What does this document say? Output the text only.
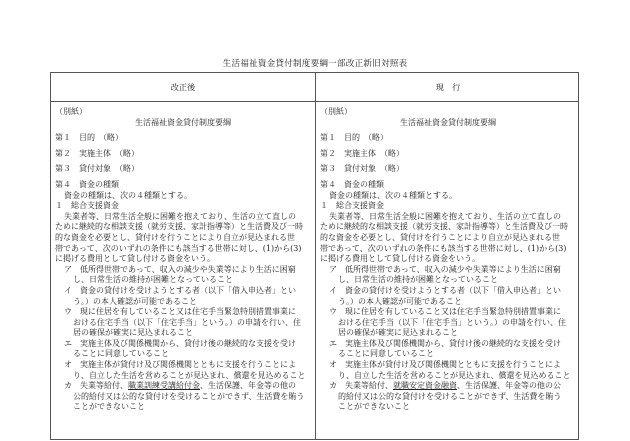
生活福祉資金貸付制度要綱一部改正新旧対照表
改正後	現　行
（別紙）
生活福祉資金貸付制度要綱
第１　目的　（略）
第２　実施主体　（略）
第３　貸付対象　（略）
第４　資金の種類
資金の種類は、次の４種類とする。
１　総合支援資金
失業者等、日常生活全般に困難を抱えており、生活の立て直しの
ために継続的な相談支援（就労支援、家計指導等）と生活費及び一時
的な資金を必要とし、貸付けを行うことにより自立が見込まれる世
帯であって、次のいずれの条件にも該当する世帯に対し、(1)から(3)
に掲げる費用として貸し付ける資金をいう。
ア　低所得世帯であって、収入の減少や失業等により生活に困窮
し、日常生活の維持が困難となっていること
イ　資金の貸付けを受けようとする者（以下「借入申込者」とい
う。）の本人確認が可能であること
ウ　現に住居を有していること又は住宅手当緊急特別措置事業に
おける住宅手当（以下「住宅手当」という。）の申請を行い、住
居の確保が確実に見込まれること
エ　実施主体及び関係機関から、貸付け後の継続的な支援を受け
ることに同意していること
オ　実施主体が貸付け及び関係機関とともに支援を行うことによ
り、自立した生活を営めることが見込まれ、償還を見込めること
カ　失業等給付、職業訓練受講給付金、生活保護、年金等の他の
公的給付又は公的な貸付けを受けることができず、生活費を賄う
ことができないこと
（別紙）
生活福祉資金貸付制度要綱
第１　目的　（略）
第２　実施主体　（略）
第３　貸付対象　（略）
第４　資金の種類
資金の種類は、次の４種類とする。
１　総合支援資金
失業者等、日常生活全般に困難を抱えており、生活の立て直しの
ために継続的な相談支援（就労支援、家計指導等）と生活費及び一時
的な資金を必要とし、貸付けを行うことにより自立が見込まれる世
帯であって、次のいずれの条件にも該当する世帯に対し、(1)から(3)
に掲げる費用として貸し付ける資金をいう。
ア　低所得世帯であって、収入の減少や失業等により生活に困窮
し、日常生活の維持が困難となっていること
イ　資金の貸付けを受けようとする者（以下「借入申込者」とい
う。）の本人確認が可能であること
ウ　現に住居を有していること又は住宅手当緊急特別措置事業に
おける住宅手当（以下「住宅手当」という。）の申請を行い、住
居の確保が確実に見込まれること
エ　実施主体及び関係機関から、貸付け後の継続的な支援を受け
ることに同意していること
オ　実施主体が貸付け及び関係機関とともに支援を行うことによ
り、自立した生活を営めることが見込まれ、償還を見込めること
カ　失業等給付、就職安定資金融資、生活保護、年金等の他の公
的給付又は公的な貸付けを受けることができず、生活費を賄う
ことができないこと
